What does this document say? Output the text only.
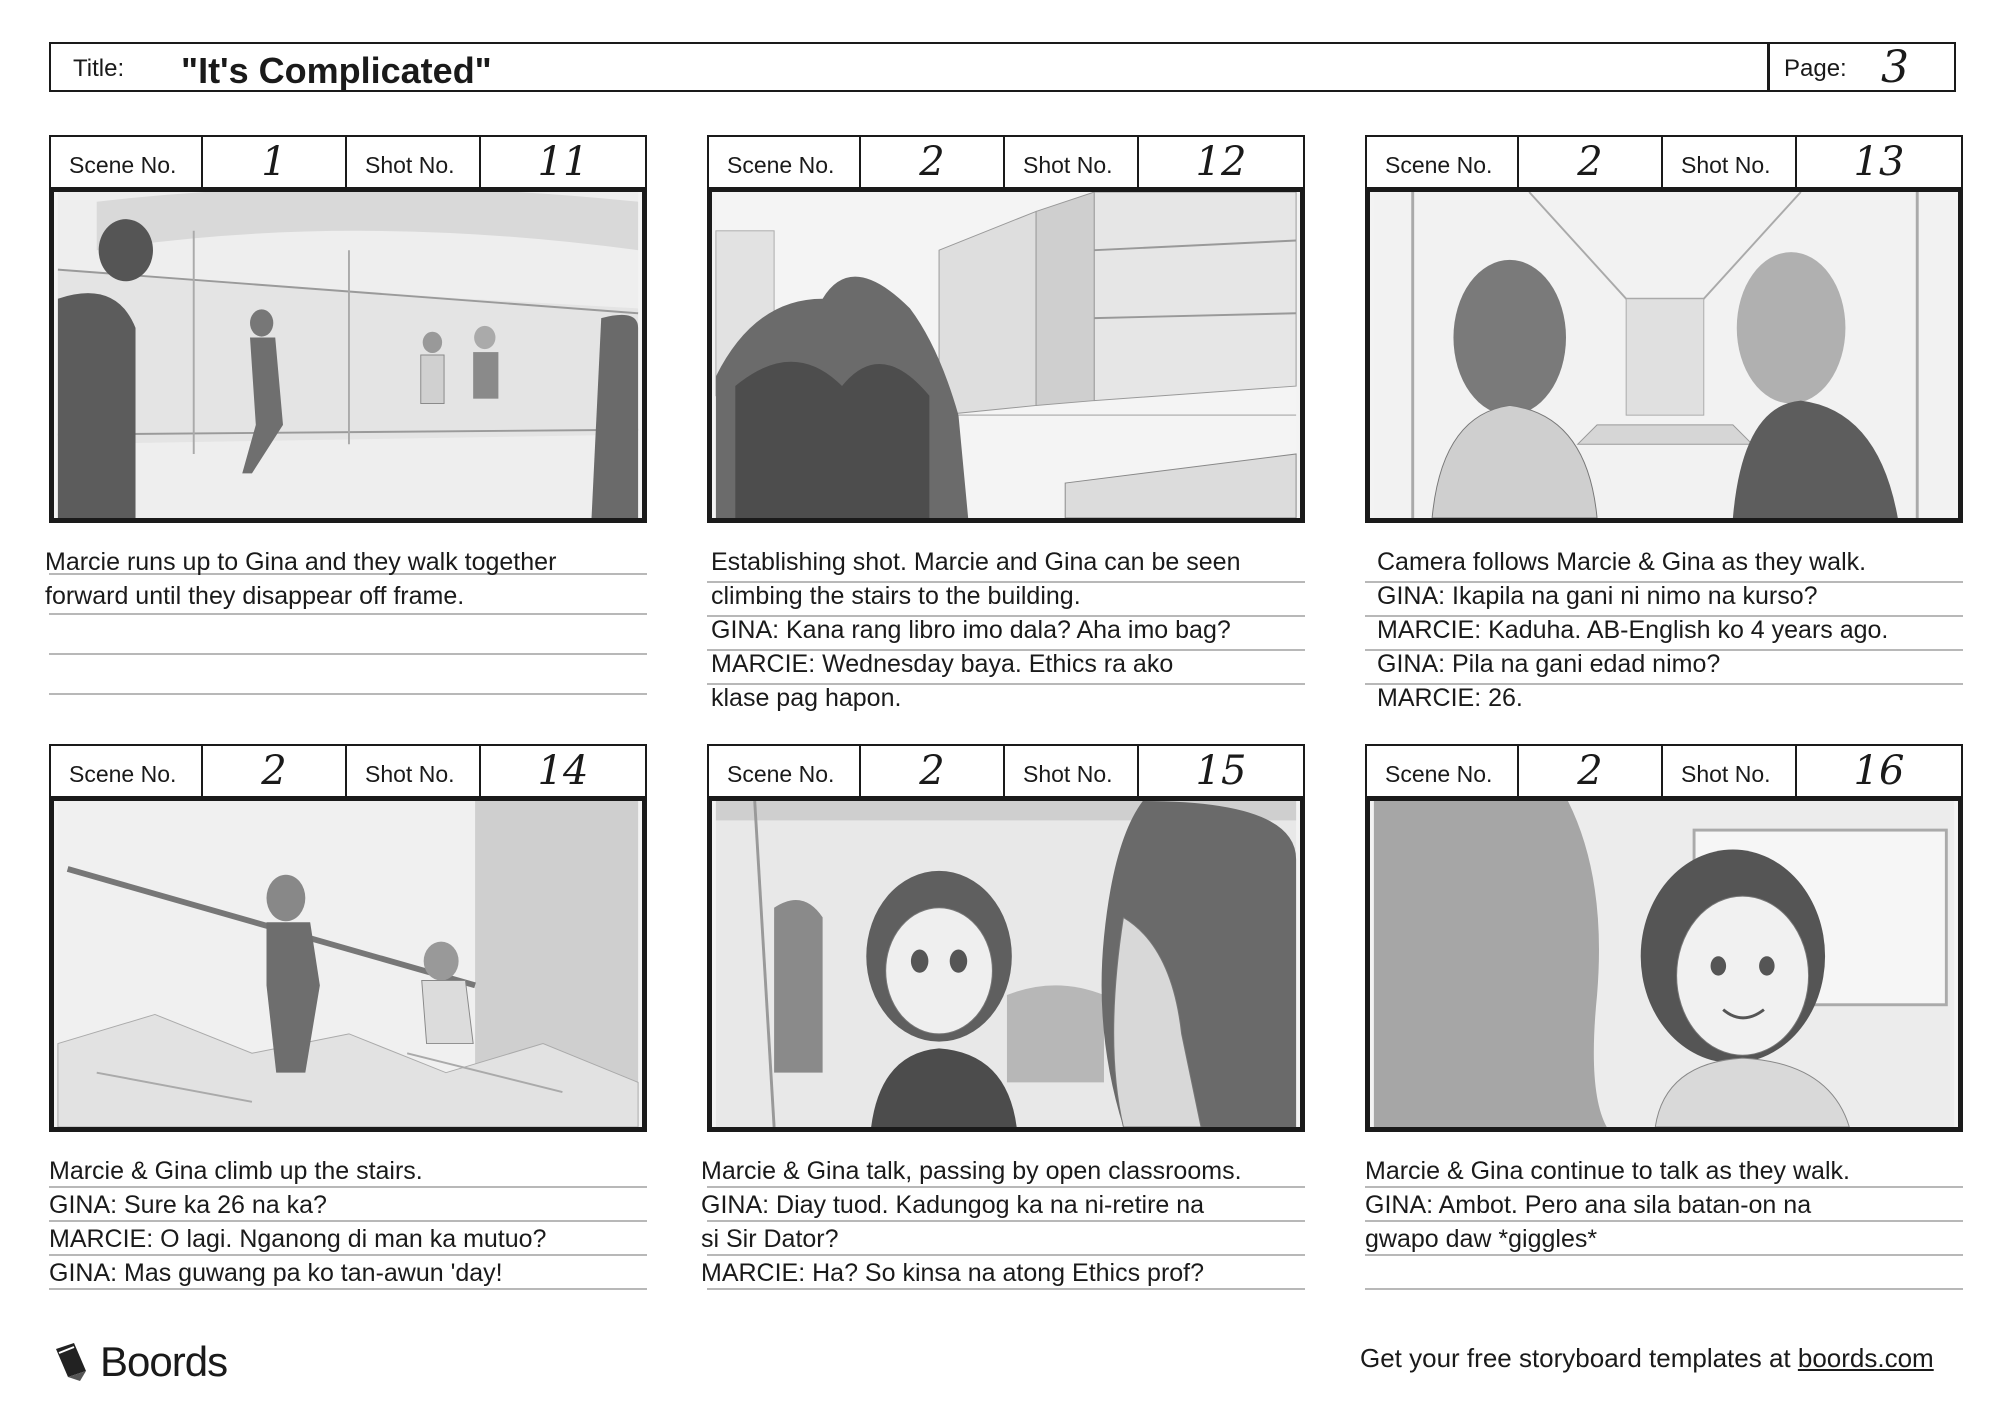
Title: "It's Complicated"	Page: 3
Scene No.	1	Shot No.	11
Marcie runs up to Gina and they walk together
forward until they disappear off frame.
Scene No.	2	Shot No.	12
Establishing shot. Marcie and Gina can be seen
climbing the stairs to the building.
GINA: Kana rang libro imo dala? Aha imo bag?
MARCIE: Wednesday baya. Ethics ra ako
klase pag hapon.
Scene No.	2	Shot No.	13
Camera follows Marcie & Gina as they walk.
GINA: Ikapila na gani ni nimo na kurso?
MARCIE: Kaduha. AB-English ko 4 years ago.
GINA: Pila na gani edad nimo?
MARCIE: 26.
Scene No.	2	Shot No.	14
Marcie & Gina climb up the stairs.
GINA: Sure ka 26 na ka?
MARCIE: O lagi. Nganong di man ka mutuo?
GINA: Mas guwang pa ko tan-awun 'day!
Scene No.	2	Shot No.	15
Marcie & Gina talk, passing by open classrooms.
GINA: Diay tuod. Kadungog ka na ni-retire na
si Sir Dator?
MARCIE: Ha? So kinsa na atong Ethics prof?
Scene No.	2	Shot No.	16
Marcie & Gina continue to talk as they walk.
GINA: Ambot. Pero ana sila batan-on na
gwapo daw *giggles*
Boords	Get your free storyboard templates at boords.com
